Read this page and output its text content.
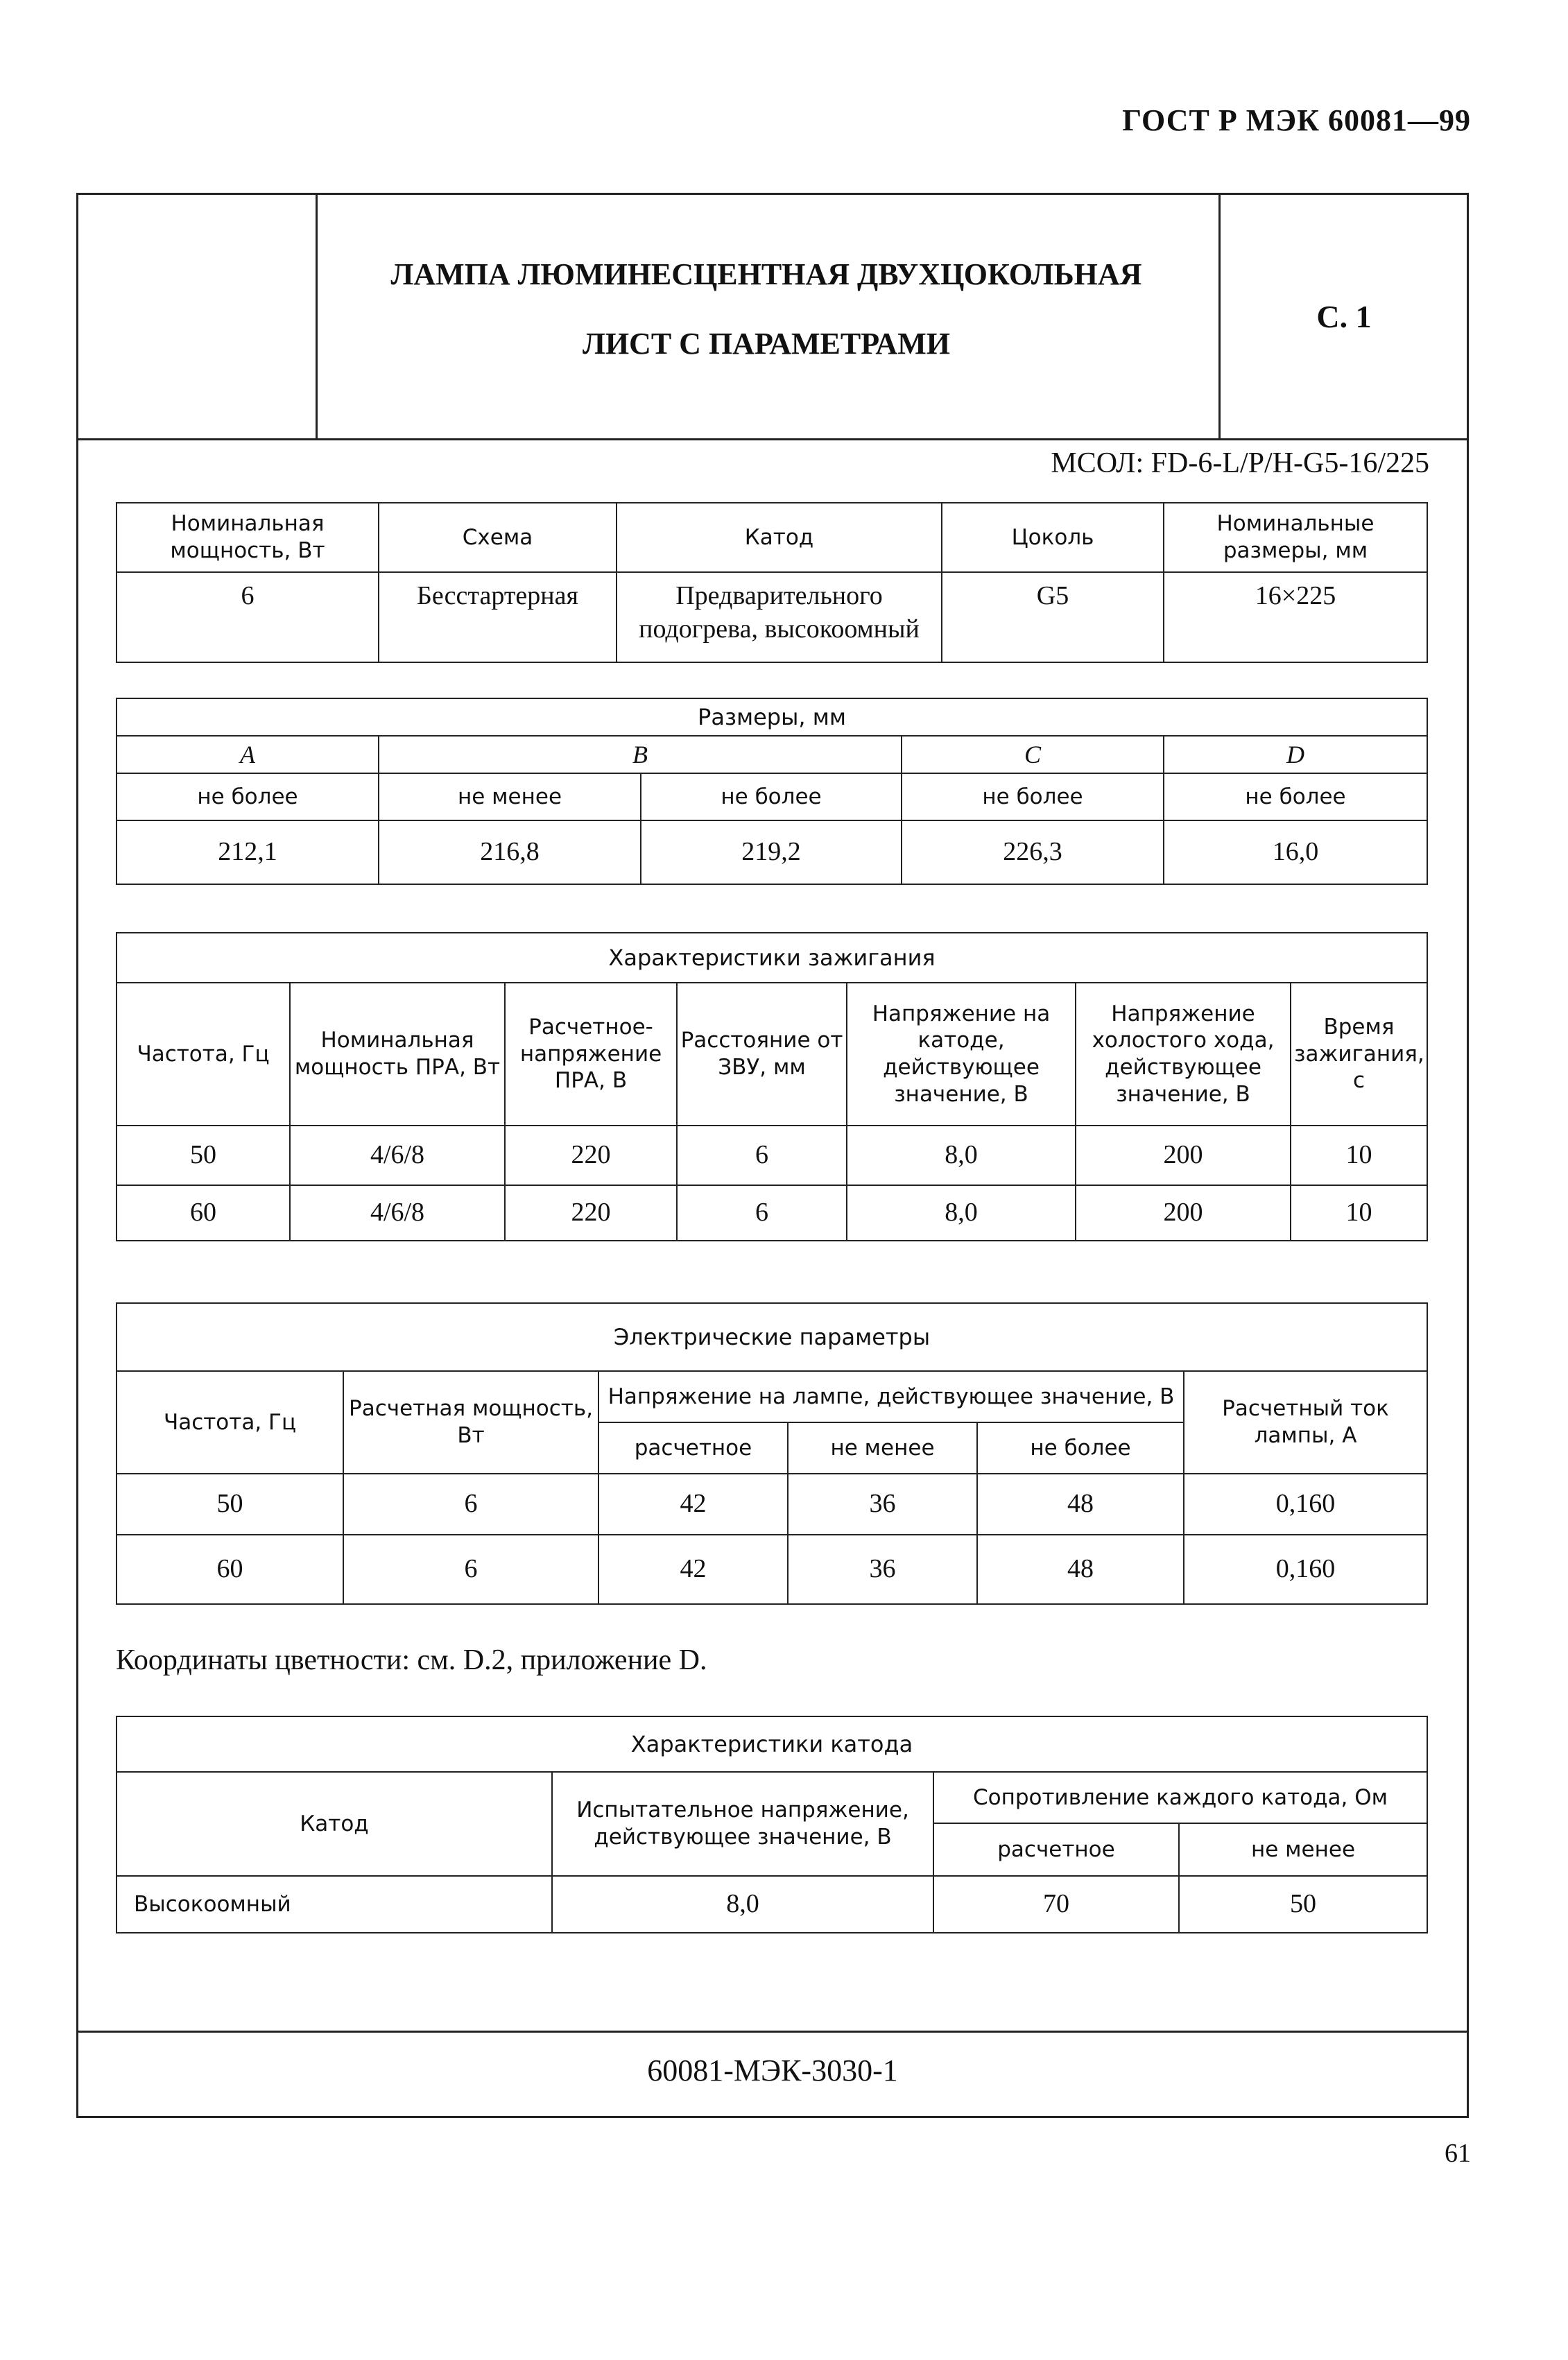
ГОСТ Р МЭК 60081—99
ЛАМПА ЛЮМИНЕСЦЕНТНАЯ ДВУХЦОКОЛЬНАЯ
ЛИСТ С ПАРАМЕТРАМИ
С. 1
МСОЛ: FD-6-L/P/H-G5-16/225
Номинальная мощность, Вт	Схема	Катод	Цоколь	Номинальные размеры, мм
6	Бесстартерная	Предварительного подогрева, высокоомный	G5	16×225
Размеры, мм				
A	B		C	D
не более	не менее	не более	не более	не более
212,1	216,8	219,2	226,3	16,0
Характеристики зажигания						
Частота, Гц	Номинальная мощность ПРА, Вт	Расчетное-напряжение ПРА, В	Расстояние от ЗВУ, мм	Напряжение на катоде, действующее значение, В	Напряжение холостого хода, действующее значение, В	Время зажигания, с
50	4/6/8	220	6	8,0	200	10
60	4/6/8	220	6	8,0	200	10
Электрические параметры					
Частота, Гц	Расчетная мощность, Вт	Напряжение на лампе, действующее значение, В			Расчетный ток лампы, А
		расчетное	не менее	не более	
50	6	42	36	48	0,160
60	6	42	36	48	0,160
Координаты цветности: см. D.2, приложение D.
Характеристики катода			
Катод	Испытательное напряжение, действующее значение, В	Сопротивление каждого катода, Ом	
		расчетное	не менее
Высокоомный	8,0	70	50
60081-МЭК-3030-1
61
